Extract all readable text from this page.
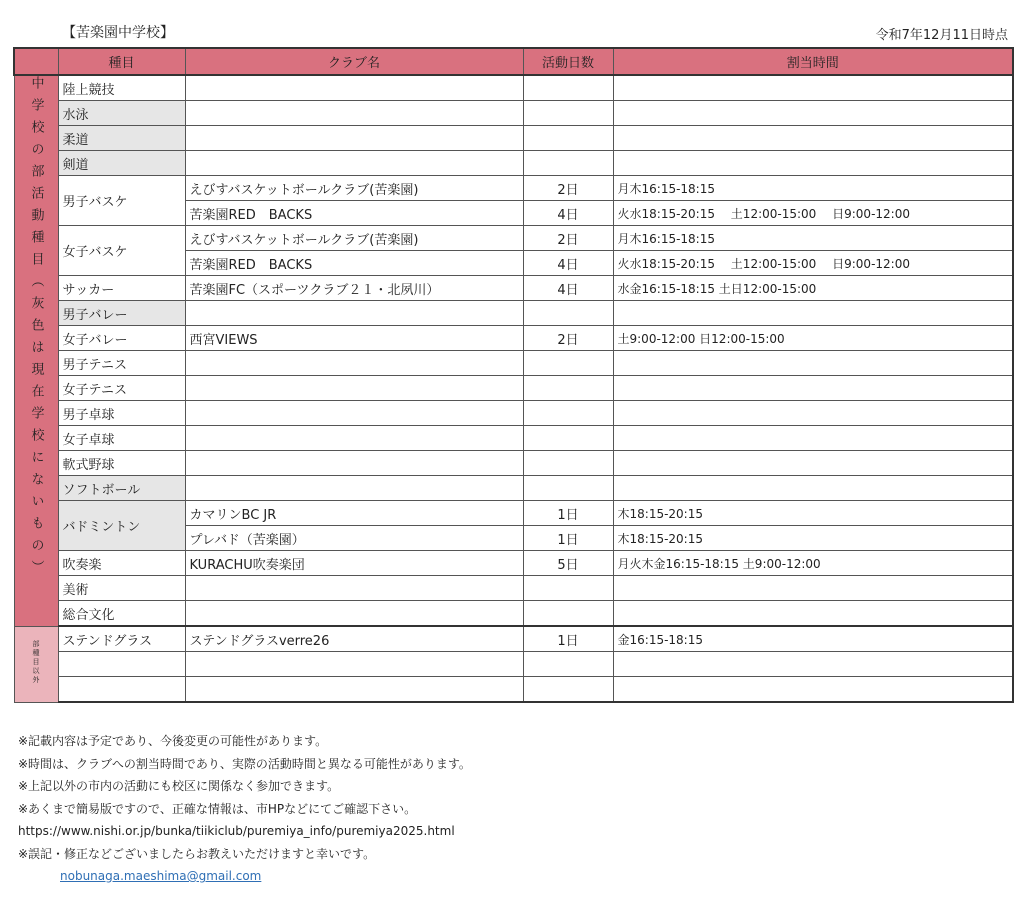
【苦楽園中学校】	令和7年12月11日時点
	種目	クラブ名	活動日数	割当時間
中学校の部活動種目（灰色は現在学校にないもの）	陸上競技			
	水泳			
	柔道			
	剣道			
	男子バスケ	えびすバスケットボールクラブ(苦楽園)	2日	月木16:15-18:15
		苦楽園RED　BACKS	4日	火水18:15-20:15　 土12:00-15:00　 日9:00-12:00
	女子バスケ	えびすバスケットボールクラブ(苦楽園)	2日	月木16:15-18:15
		苦楽園RED　BACKS	4日	火水18:15-20:15　 土12:00-15:00　 日9:00-12:00
	サッカー	苦楽園FC（スポーツクラブ２１・北夙川）	4日	水金16:15-18:15 土日12:00-15:00
	男子バレー			
	女子バレー	西宮VIEWS	2日	土9:00-12:00 日12:00-15:00
	男子テニス			
	女子テニス			
	男子卓球			
	女子卓球			
	軟式野球			
	ソフトボール			
	バドミントン	カマリンBC JR	1日	木18:15-20:15
		プレバド（苦楽園）	1日	木18:15-20:15
	吹奏楽	KURACHU吹奏楽団	5日	月火木金16:15-18:15 土9:00-12:00
	美術			
	総合文化			
部種目以外	ステンドグラス	ステンドグラスverre26	1日	金16:15-18:15

※記載内容は予定であり、今後変更の可能性があります。

※時間は、クラブへの割当時間であり、実際の活動時間と異なる可能性があります。

※上記以外の市内の活動にも校区に関係なく参加できます。

※あくまで簡易版ですので、正確な情報は、市HPなどにてご確認下さい。

https://www.nishi.or.jp/bunka/tiikiclub/puremiya_info/puremiya2025.html

※誤記・修正などございましたらお教えいただけますと幸いです。

nobunaga.maeshima@gmail.com
